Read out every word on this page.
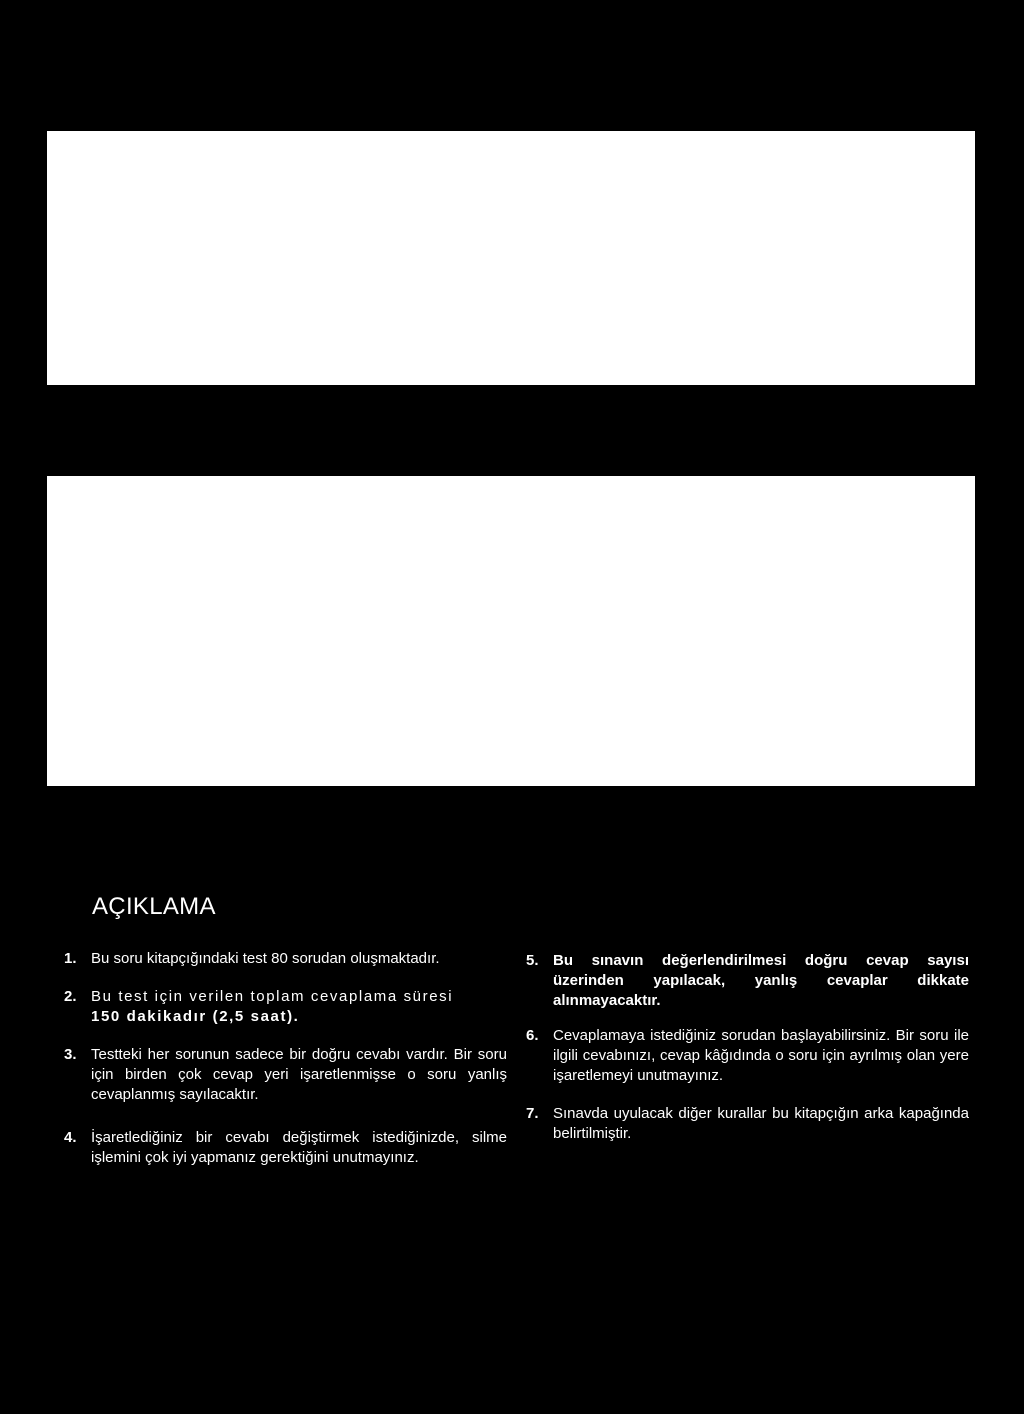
AÇIKLAMA
1. Bu soru kitapçığındaki test 80 sorudan oluşmaktadır.
2. Bu test için verilen toplam cevaplama süresi
150 dakikadır (2,5 saat).
3. Testteki her sorunun sadece bir doğru cevabı vardır. Bir soru için birden çok cevap yeri işaretlenmişse o soru yanlış cevaplanmış sayılacaktır.
4. İşaretlediğiniz bir cevabı değiştirmek istediğinizde, silme işlemini çok iyi yapmanız gerektiğini unutmayınız.
5. Bu sınavın değerlendirilmesi doğru cevap sayısı üzerinden yapılacak, yanlış cevaplar dikkate alınmayacaktır.
6. Cevaplamaya istediğiniz sorudan başlayabilirsiniz. Bir soru ile ilgili cevabınızı, cevap kâğıdında o soru için ayrılmış olan yere işaretlemeyi unutmayınız.
7. Sınavda uyulacak diğer kurallar bu kitapçığın arka kapağında belirtilmiştir.
